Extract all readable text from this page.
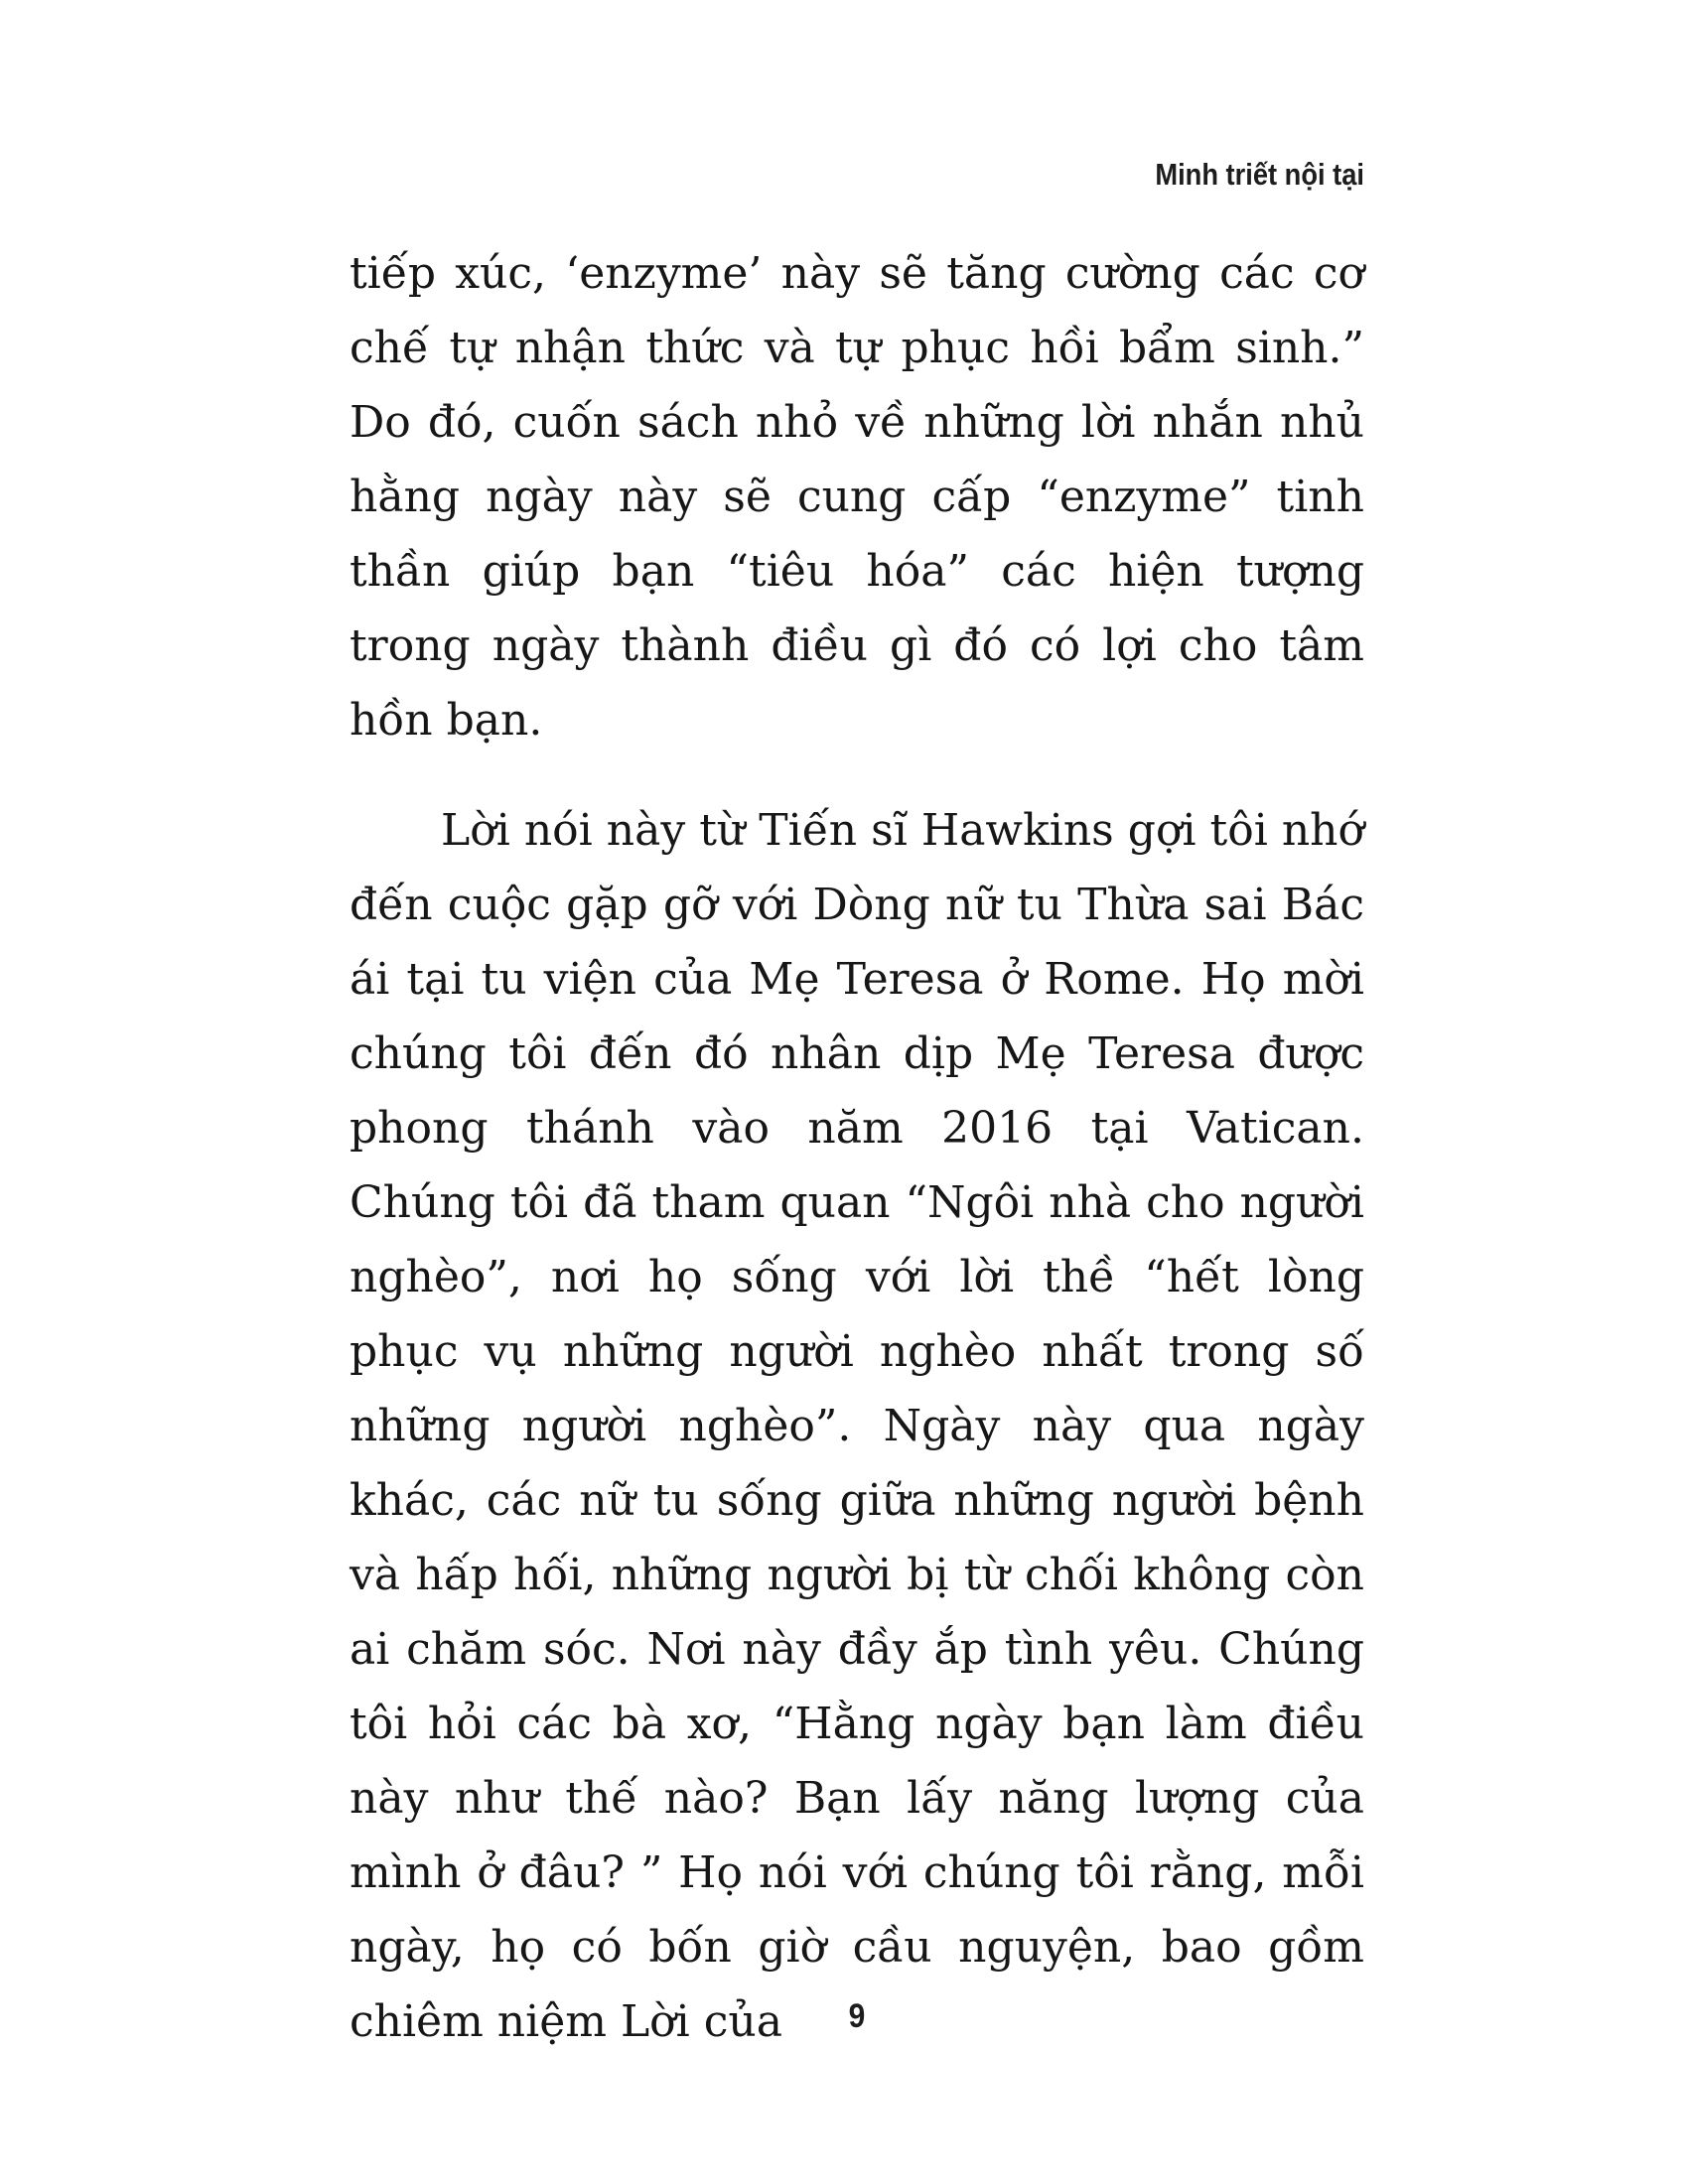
Minh triết nội tại

tiếp xúc, ‘enzyme’ này sẽ tăng cường các cơ chế tự nhận thức và tự phục hồi bẩm sinh.” Do đó, cuốn sách nhỏ về những lời nhắn nhủ hằng ngày này sẽ cung cấp “enzyme” tinh thần giúp bạn “tiêu hóa” các hiện tượng trong ngày thành điều gì đó có lợi cho tâm hồn bạn.

Lời nói này từ Tiến sĩ Hawkins gợi tôi nhớ đến cuộc gặp gỡ với Dòng nữ tu Thừa sai Bác ái tại tu viện của Mẹ Teresa ở Rome. Họ mời chúng tôi đến đó nhân dịp Mẹ Teresa được phong thánh vào năm 2016 tại Vatican. Chúng tôi đã tham quan “Ngôi nhà cho người nghèo”, nơi họ sống với lời thề “hết lòng phục vụ những người nghèo nhất trong số những người nghèo”. Ngày này qua ngày khác, các nữ tu sống giữa những người bệnh và hấp hối, những người bị từ chối không còn ai chăm sóc. Nơi này đầy ắp tình yêu. Chúng tôi hỏi các bà xơ, “Hằng ngày bạn làm điều này như thế nào? Bạn lấy năng lượng của mình ở đâu? ” Họ nói với chúng tôi rằng, mỗi ngày, họ có bốn giờ cầu nguyện, bao gồm chiêm niệm Lời của	9
